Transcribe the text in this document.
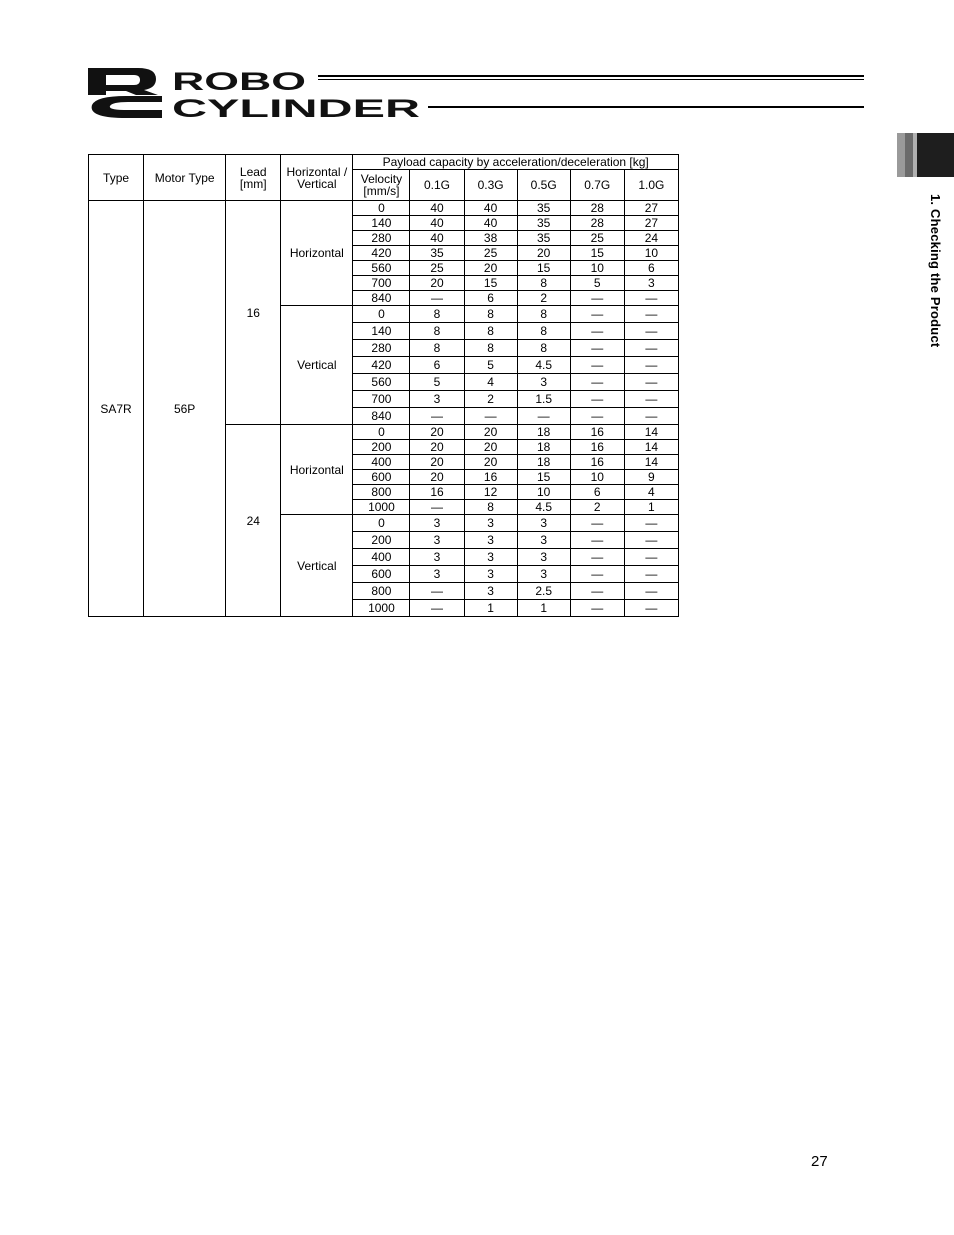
ROBO
CYLINDER
1. Checking the Product
Type	Motor Type	Lead [mm]	Horizontal / Vertical	Payload capacity by acceleration/deceleration [kg]					
				Velocity [mm/s]	0.1G	0.3G	0.5G	0.7G	1.0G
SA7R	56P	16	Horizontal	0	40	40	35	28	27
				140	40	40	35	28	27
				280	40	38	35	25	24
				420	35	25	20	15	10
				560	25	20	15	10	6
				700	20	15	8	5	3
				840	—	6	2	—	—
			Vertical	0	8	8	8	—	—
				140	8	8	8	—	—
				280	8	8	8	—	—
				420	6	5	4.5	—	—
				560	5	4	3	—	—
				700	3	2	1.5	—	—
				840	—	—	—	—	—
		24	Horizontal	0	20	20	18	16	14
				200	20	20	18	16	14
				400	20	20	18	16	14
				600	20	16	15	10	9
				800	16	12	10	6	4
				1000	—	8	4.5	2	1
			Vertical	0	3	3	3	—	—
				200	3	3	3	—	—
				400	3	3	3	—	—
				600	3	3	3	—	—
				800	—	3	2.5	—	—
				1000	—	1	1	—	—
27
